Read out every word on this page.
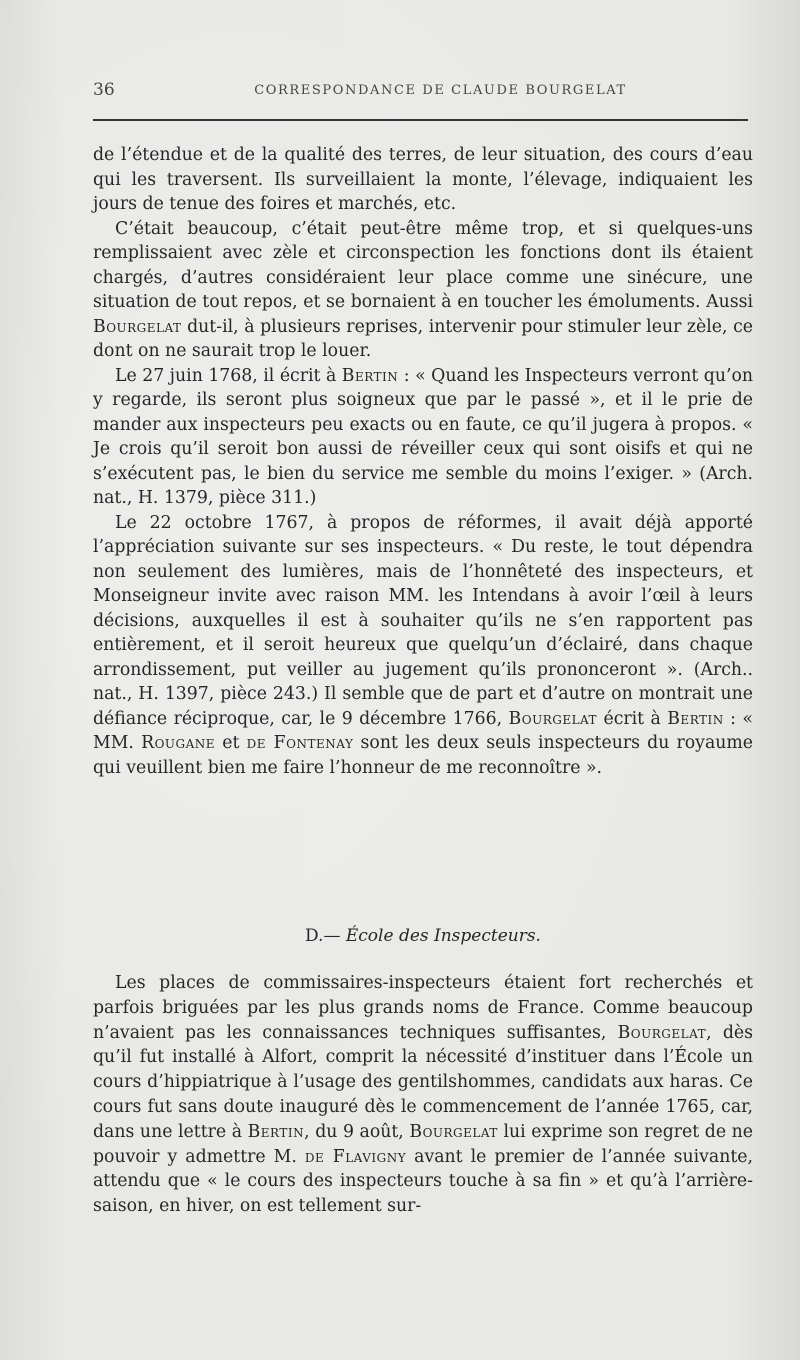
36	CORRESPONDANCE DE CLAUDE BOURGELAT

de l’étendue et de la qualité des terres, de leur situation, des cours d’eau qui les traversent. Ils surveillaient la monte, l’élevage, indiquaient les jours de tenue des foires et marchés, etc.

C’était beaucoup, c’était peut-être même trop, et si quelques-uns remplissaient avec zèle et circonspection les fonctions dont ils étaient chargés, d’autres considéraient leur place comme une sinécure, une situation de tout repos, et se bornaient à en toucher les émoluments. Aussi Bourgelat dut-il, à plusieurs reprises, intervenir pour stimuler leur zèle, ce dont on ne saurait trop le louer.

Le 27 juin 1768, il écrit à Bertin : « Quand les Inspecteurs verront qu’on y regarde, ils seront plus soigneux que par le passé », et il le prie de mander aux inspecteurs peu exacts ou en faute, ce qu’il jugera à propos. « Je crois qu’il seroit bon aussi de réveiller ceux qui sont oisifs et qui ne s’exécutent pas, le bien du service me semble du moins l’exiger. » (Arch. nat., H. 1379, pièce 311.)

Le 22 octobre 1767, à propos de réformes, il avait déjà apporté l’appréciation suivante sur ses inspecteurs. « Du reste, le tout dépendra non seulement des lumières, mais de l’honnêteté des inspecteurs, et Monseigneur invite avec raison MM. les Intendans à avoir l’œil à leurs décisions, auxquelles il est à souhaiter qu’ils ne s’en rapportent pas entièrement, et il seroit heureux que quelqu’un d’éclairé, dans chaque arrondissement, put veiller au jugement qu’ils prononceront ». (Arch.. nat., H. 1397, pièce 243.) Il semble que de part et d’autre on montrait une défiance réciproque, car, le 9 décembre 1766, Bourgelat écrit à Bertin : « MM. Rougane et de Fontenay sont les deux seuls inspecteurs du royaume qui veuillent bien me faire l’honneur de me reconnoître ».

D.— École des Inspecteurs.

Les places de commissaires-inspecteurs étaient fort recherchés et parfois briguées par les plus grands noms de France. Comme beaucoup n’avaient pas les connaissances techniques suffisantes, Bourgelat, dès qu’il fut installé à Alfort, comprit la nécessité d’instituer dans l’École un cours d’hippiatrique à l’usage des gentilshommes, candidats aux haras. Ce cours fut sans doute inauguré dès le commencement de l’année 1765, car, dans une lettre à Bertin, du 9 août, Bourgelat lui exprime son regret de ne pouvoir y admettre M. de Flavigny avant le premier de l’année suivante, attendu que « le cours des inspecteurs touche à sa fin » et qu’à l’arrière-saison, en hiver, on est tellement sur-
